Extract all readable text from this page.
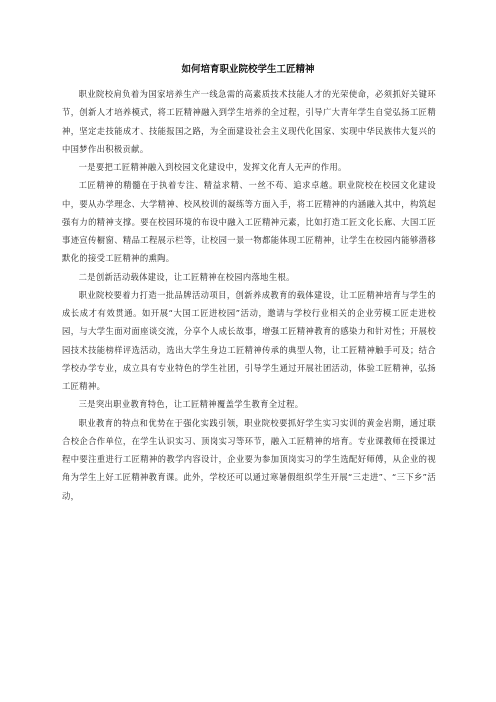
如何培育职业院校学生工匠精神

职业院校肩负着为国家培养生产一线急需的高素质技术技能人才的光荣使命，必须抓好关键环节，创新人才培养模式，将工匠精神融入到学生培养的全过程，引导广大青年学生自觉弘扬工匠精神，坚定走技能成才、技能报国之路，为全面建设社会主义现代化国家、实现中华民族伟大复兴的中国梦作出积极贡献。

一是要把工匠精神融入到校园文化建设中，发挥文化育人无声的作用。

工匠精神的精髓在于执着专注、精益求精、一丝不苟、追求卓越。职业院校在校园文化建设中，要从办学理念、大学精神、校风校训的凝练等方面入手，将工匠精神的内涵融入其中，构筑起强有力的精神支撑。要在校园环境的布设中融入工匠精神元素，比如打造工匠文化长廊、大国工匠事迹宣传橱窗、精品工程展示栏等，让校园一景一物都能体现工匠精神，让学生在校园内能够潜移默化的接受工匠精神的熏陶。

二是创新活动载体建设，让工匠精神在校园内落地生根。

职业院校要着力打造一批品牌活动项目，创新养成教育的载体建设，让工匠精神培育与学生的成长成才有效贯通。如开展“大国工匠进校园”活动，邀请与学校行业相关的企业劳模工匠走进校园，与大学生面对面座谈交流，分享个人成长故事，增强工匠精神教育的感染力和针对性；开展校园技术技能榜样评选活动，选出大学生身边工匠精神传承的典型人物，让工匠精神触手可及；结合学校办学专业，成立具有专业特色的学生社团，引导学生通过开展社团活动，体验工匠精神，弘扬工匠精神。

三是突出职业教育特色，让工匠精神覆盖学生教育全过程。

职业教育的特点和优势在于强化实践引领，职业院校要抓好学生实习实训的黄金岩期，通过联合校企合作单位，在学生认识实习、顶岗实习等环节，融入工匠精神的培育。专业课教师在授课过程中要注重进行工匠精神的教学内容设计，企业要为参加顶岗实习的学生选配好师傅，从企业的视角为学生上好工匠精神教育课。此外，学校还可以通过寒暑假组织学生开展“三走进”、“三下乡”活动，
